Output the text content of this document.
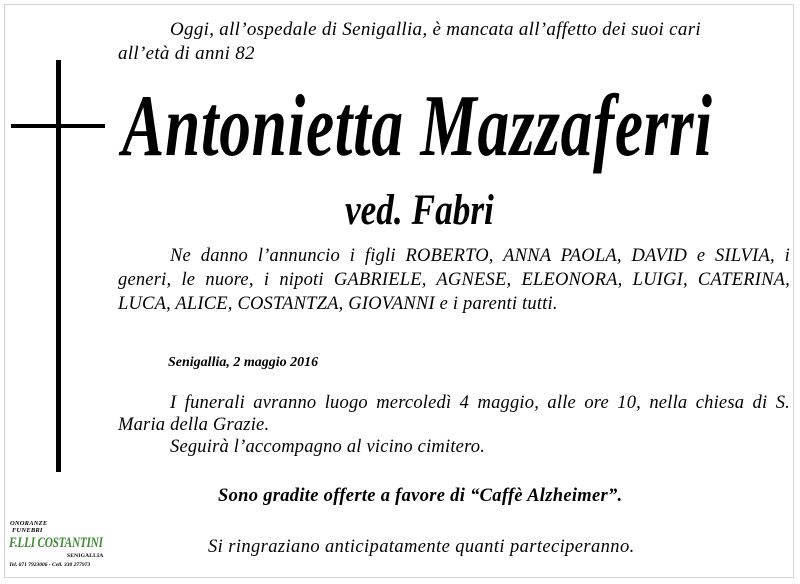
Oggi, all’ospedale di Senigallia, è mancata all’affetto dei suoi cari
all’età di anni 82
Antonietta Mazzaferri
ved. Fabri
Ne danno l’annuncio i figli ROBERTO, ANNA PAOLA, DAVID e SILVIA, i generi, le nuore, i nipoti GABRIELE, AGNESE, ELEONORA, LUIGI, CATERINA, LUCA, ALICE, COSTANTZA, GIOVANNI e i parenti tutti.
Senigallia, 2 maggio 2016
I funerali avranno luogo mercoledì 4 maggio, alle ore 10, nella chiesa di S. Maria della Grazie.
Seguirà l’accompagno al vicino cimitero.
Sono gradite offerte a favore di “Caffè Alzheimer”.
Si ringraziano anticipatamente quanti parteciperanno.
ONORANZE
FUNEBRI
F.LLI COSTANTINI
SENIGALLIA
Tel. 071 7923006 - Cell. 330 277973
